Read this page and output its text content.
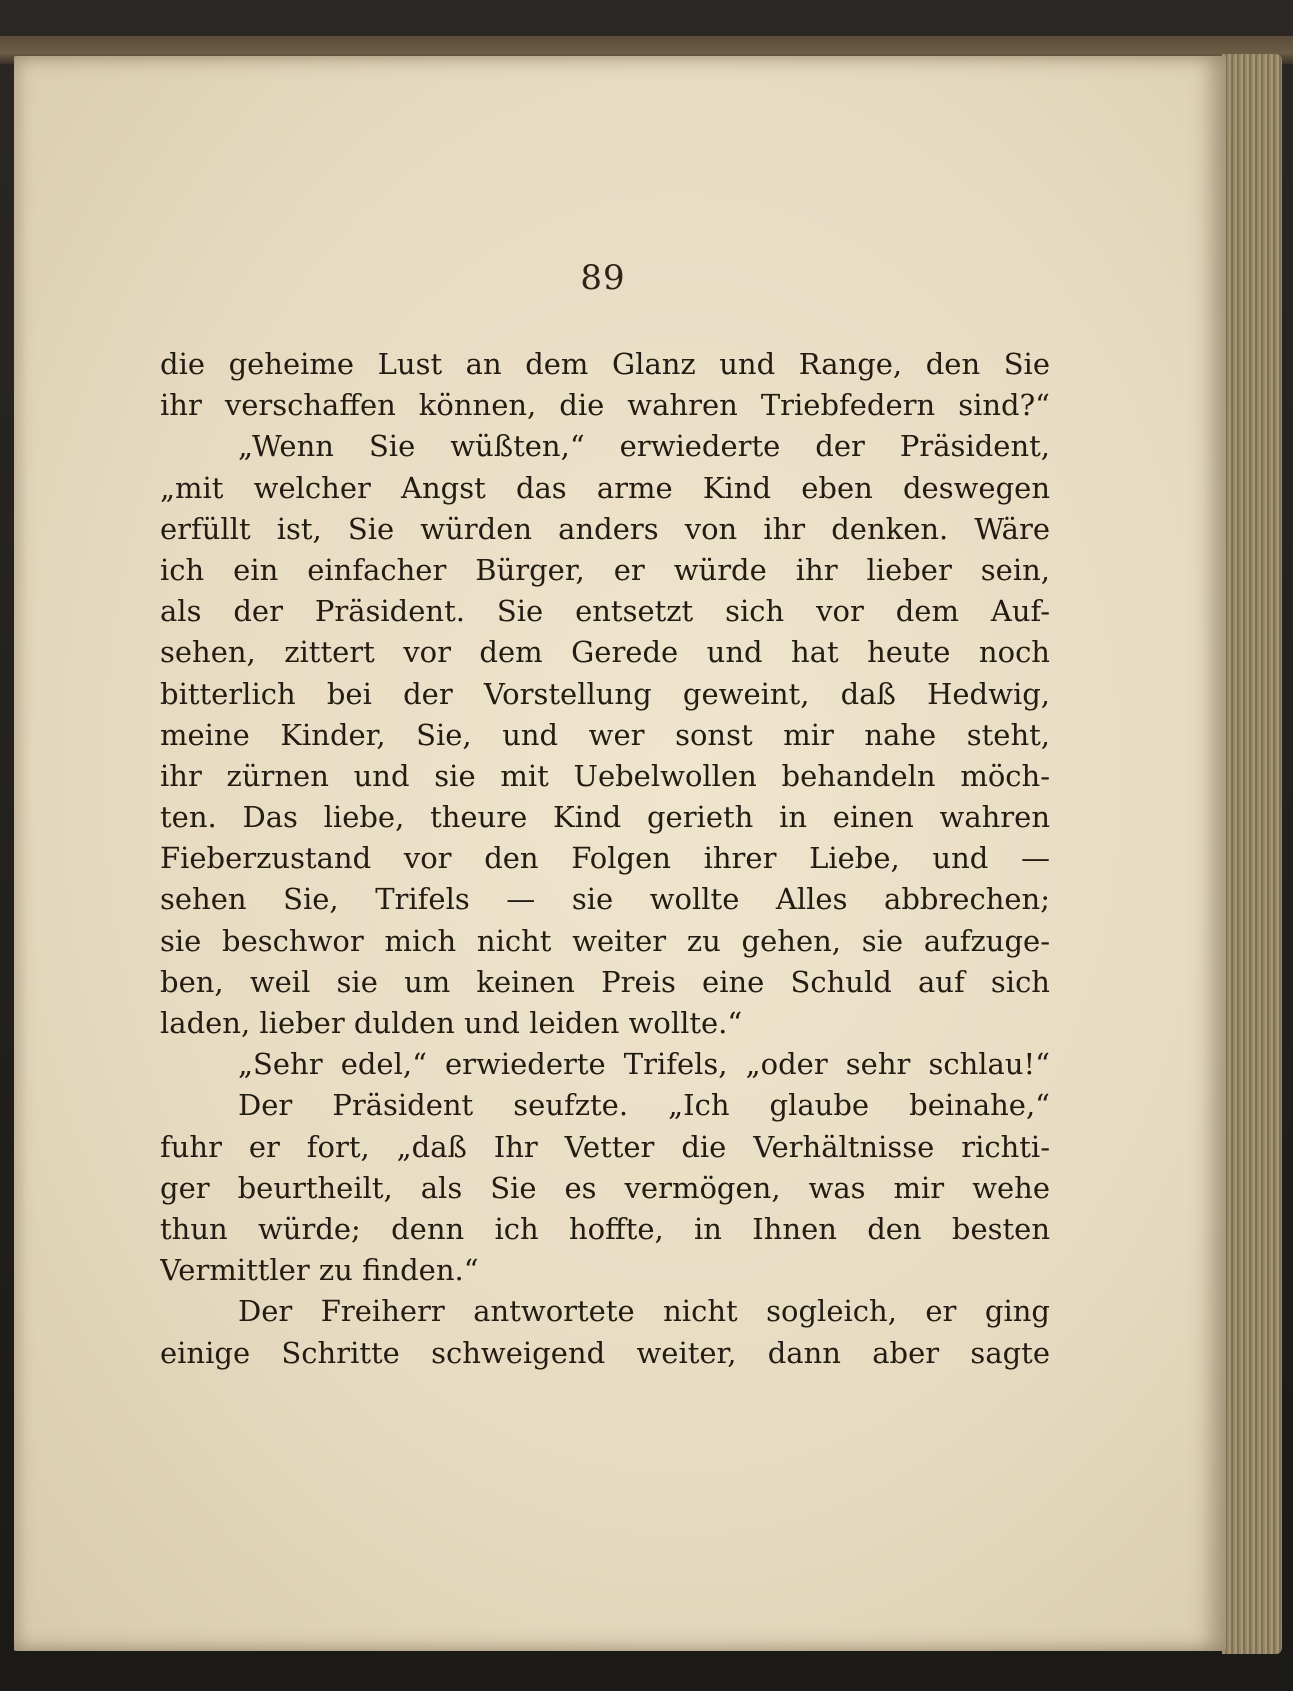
89
die geheime Lust an dem Glanz und Range, den Sie
ihr verschaffen können, die wahren Triebfedern sind?“
„Wenn Sie wüßten,“ erwiederte der Präsident,
„mit welcher Angst das arme Kind eben deswegen
erfüllt ist, Sie würden anders von ihr denken. Wäre
ich ein einfacher Bürger, er würde ihr lieber sein,
als der Präsident. Sie entsetzt sich vor dem Auf-
sehen, zittert vor dem Gerede und hat heute noch
bitterlich bei der Vorstellung geweint, daß Hedwig,
meine Kinder, Sie, und wer sonst mir nahe steht,
ihr zürnen und sie mit Uebelwollen behandeln möch-
ten. Das liebe, theure Kind gerieth in einen wahren
Fieberzustand vor den Folgen ihrer Liebe, und —
sehen Sie, Trifels — sie wollte Alles abbrechen;
sie beschwor mich nicht weiter zu gehen, sie aufzuge-
ben, weil sie um keinen Preis eine Schuld auf sich
laden, lieber dulden und leiden wollte.“
„Sehr edel,“ erwiederte Trifels, „oder sehr schlau!“
Der Präsident seufzte. „Ich glaube beinahe,“
fuhr er fort, „daß Ihr Vetter die Verhältnisse richti-
ger beurtheilt, als Sie es vermögen, was mir wehe
thun würde; denn ich hoffte, in Ihnen den besten
Vermittler zu finden.“
Der Freiherr antwortete nicht sogleich, er ging
einige Schritte schweigend weiter, dann aber sagte
